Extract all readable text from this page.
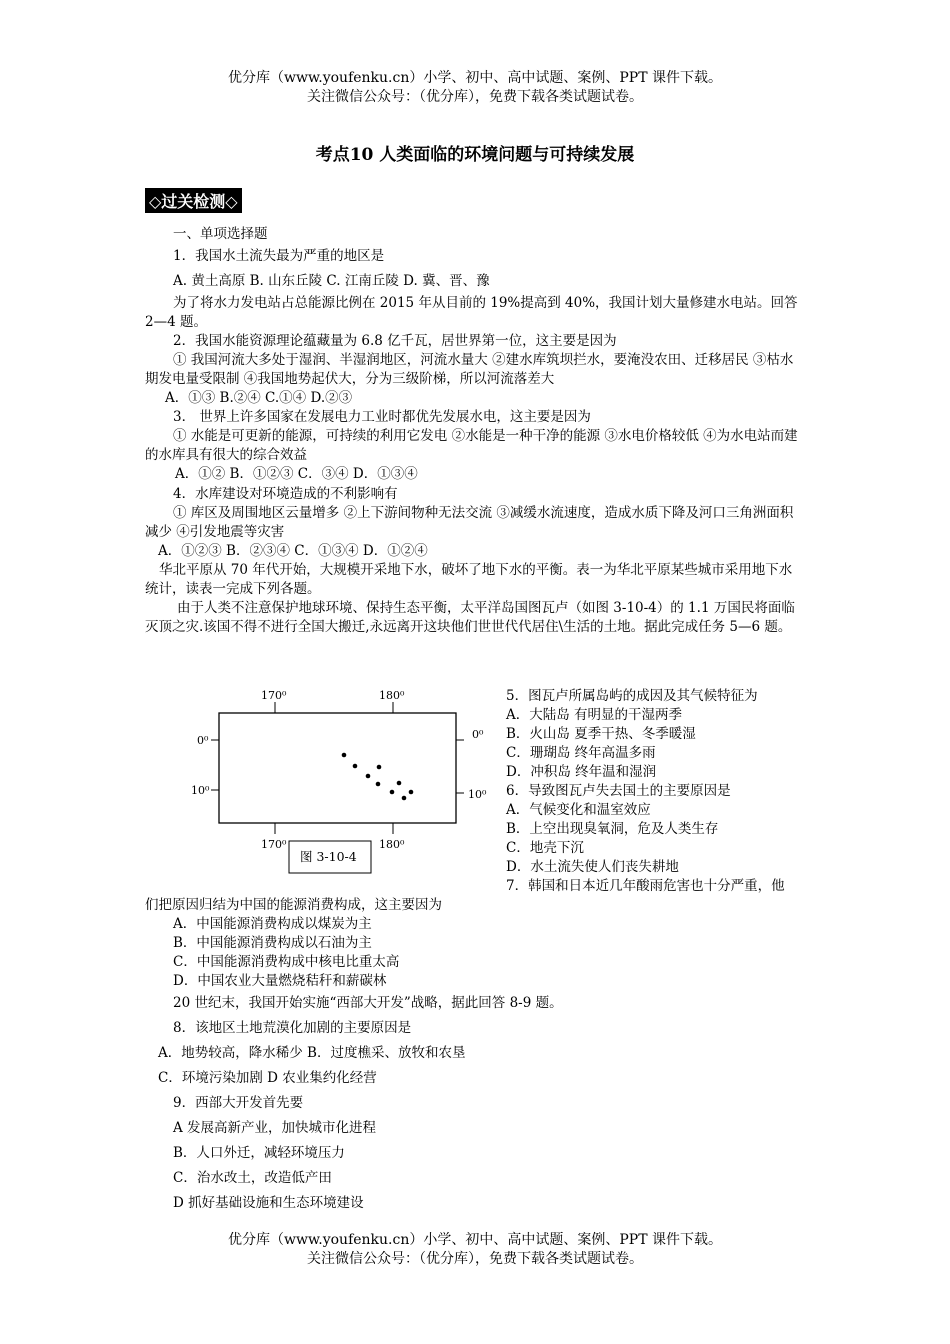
优分库（www.youfenku.cn）小学、初中、高中试题、案例、PPT 课件下载。
关注微信公众号：（优分库），免费下载各类试题试卷。
考点10 人类面临的环境问题与可持续发展
◇过关检测◇
一、单项选择题
1．我国水土流失最为严重的地区是
A. 黄土高原 B. 山东丘陵 C. 江南丘陵 D. 冀、晋、豫
为了将水力发电站占总能源比例在 2015 年从目前的 19%提高到 40%，我国计划大量修建水电站。回答 2—4 题。
2．我国水能资源理论蕴藏量为 6.8 亿千瓦，居世界第一位，这主要是因为
① 我国河流大多处于湿润、半湿润地区，河流水量大 ②建水库筑坝拦水，要淹没农田、迁移居民 ③枯水期发电量受限制 ④我国地势起伏大，分为三级阶梯，所以河流落差大
A．①③ B.②④ C.①④ D.②③
3． 世界上许多国家在发展电力工业时都优先发展水电，这主要是因为
① 水能是可更新的能源，可持续的利用它发电 ②水能是一种干净的能源 ③水电价格较低 ④为水电站而建的水库具有很大的综合效益
A．①② B．①②③ C．③④ D．①③④
4．水库建设对环境造成的不利影响有
① 库区及周围地区云量增多 ②上下游间物种无法交流 ③减缓水流速度，造成水质下降及河口三角洲面积减少 ④引发地震等灾害
A．①②③ B．②③④ C．①③④ D．①②④
华北平原从 70 年代开始，大规模开采地下水，破坏了地下水的平衡。表一为华北平原某些城市采用地下水统计，读表一完成下列各题。
由于人类不注意保护地球环境、保持生态平衡，太平洋岛国图瓦卢（如图 3-10-4）的 1.1 万国民将面临灭顶之灾.该国不得不进行全国大搬迁,永远离开这块他们世世代代居住\生活的土地。据此完成任务 5—6 题。
170⁰	180⁰
170⁰	180⁰
0⁰
10⁰
0⁰
10⁰
图 3-10-4
5．图瓦卢所属岛屿的成因及其气候特征为
A．大陆岛 有明显的干湿两季
B．火山岛 夏季干热、冬季暖湿
C．珊瑚岛 终年高温多雨
D．冲积岛 终年温和湿润
6．导致图瓦卢失去国土的主要原因是
A．气候变化和温室效应
B．上空出现臭氧洞，危及人类生存
C．地壳下沉
D．水土流失使人们丧失耕地
7．韩国和日本近几年酸雨危害也十分严重，他
们把原因归结为中国的能源消费构成，这主要因为
A．中国能源消费构成以煤炭为主
B．中国能源消费构成以石油为主
C．中国能源消费构成中核电比重太高
D．中国农业大量燃烧秸秆和薪碳林
20 世纪末，我国开始实施“西部大开发”战略，据此回答 8-9 题。
8．该地区土地荒漠化加剧的主要原因是
A．地势较高，降水稀少 B．过度樵采、放牧和农垦
C．环境污染加剧 D 农业集约化经营
9．西部大开发首先要
A 发展高新产业，加快城市化进程
B．人口外迁，减轻环境压力
C．治水改土，改造低产田
D 抓好基础设施和生态环境建设
优分库（www.youfenku.cn）小学、初中、高中试题、案例、PPT 课件下载。
关注微信公众号：（优分库），免费下载各类试题试卷。
